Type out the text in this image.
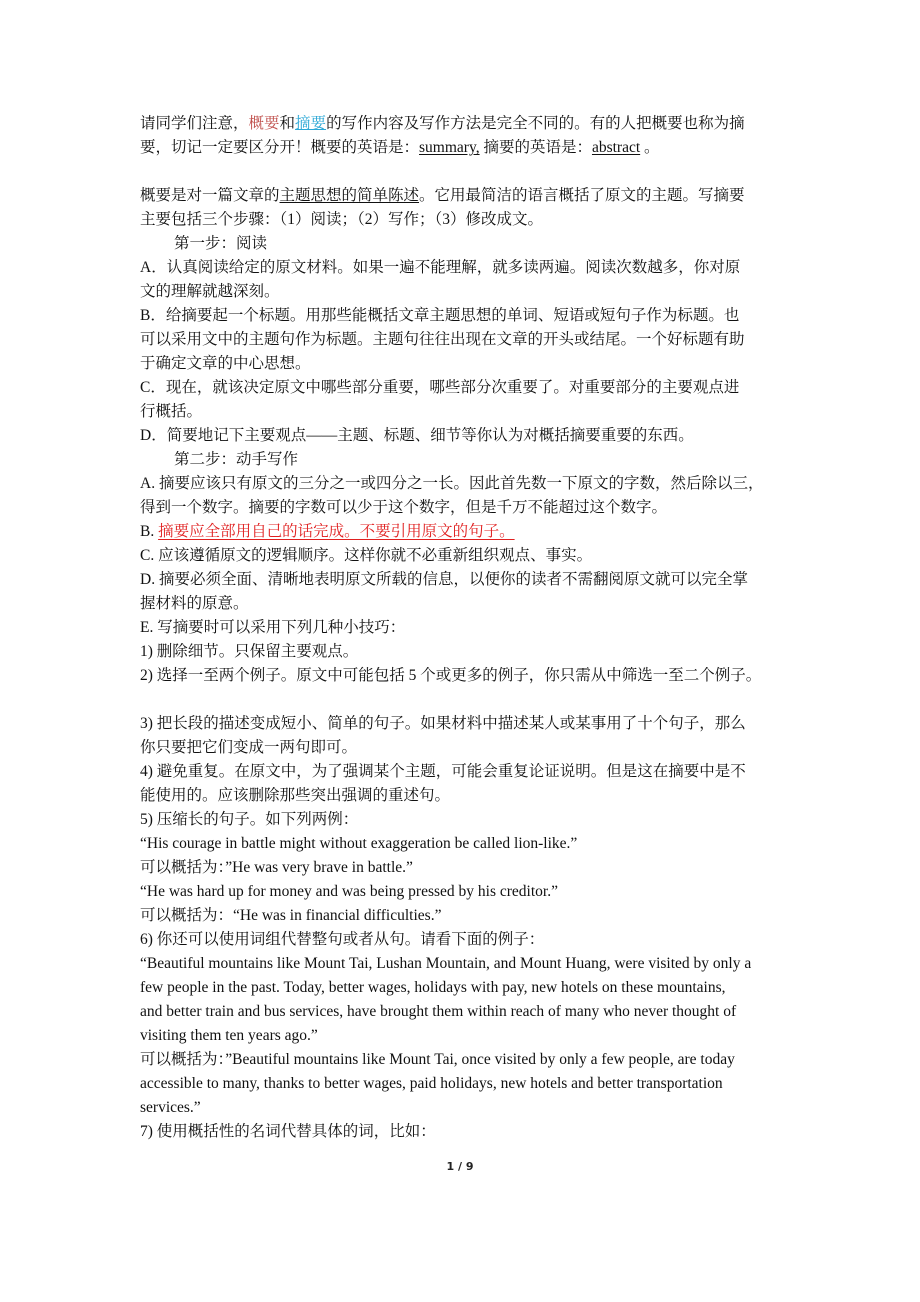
请同学们注意，概要和摘要的写作内容及写作方法是完全不同的。有的人把概要也称为摘
要，切记一定要区分开！概要的英语是：summary, 摘要的英语是：abstract 。
概要是对一篇文章的主题思想的简单陈述。它用最简洁的语言概括了原文的主题。写摘要
主要包括三个步骤：（1）阅读；（2）写作；（3）修改成文。
第一步：阅读
A．认真阅读给定的原文材料。如果一遍不能理解，就多读两遍。阅读次数越多，你对原
文的理解就越深刻。
B．给摘要起一个标题。用那些能概括文章主题思想的单词、短语或短句子作为标题。也
可以采用文中的主题句作为标题。主题句往往出现在文章的开头或结尾。一个好标题有助
于确定文章的中心思想。
C．现在，就该决定原文中哪些部分重要，哪些部分次重要了。对重要部分的主要观点进
行概括。
D．简要地记下主要观点——主题、标题、细节等你认为对概括摘要重要的东西。
第二步：动手写作
A. 摘要应该只有原文的三分之一或四分之一长。因此首先数一下原文的字数，然后除以三，
得到一个数字。摘要的字数可以少于这个数字，但是千万不能超过这个数字。
B. 摘要应全部用自己的话完成。不要引用原文的句子。
C. 应该遵循原文的逻辑顺序。这样你就不必重新组织观点、事实。
D. 摘要必须全面、清晰地表明原文所载的信息，以便你的读者不需翻阅原文就可以完全掌
握材料的原意。
E. 写摘要时可以采用下列几种小技巧：
1) 删除细节。只保留主要观点。
2) 选择一至两个例子。原文中可能包括 5 个或更多的例子，你只需从中筛选一至二个例子。
3) 把长段的描述变成短小、简单的句子。如果材料中描述某人或某事用了十个句子，那么
你只要把它们变成一两句即可。
4) 避免重复。在原文中，为了强调某个主题，可能会重复论证说明。但是这在摘要中是不
能使用的。应该删除那些突出强调的重述句。
5) 压缩长的句子。如下列两例：
“His courage in battle might without exaggeration be called lion-like.”
可以概括为：”He was very brave in battle.”
“He was hard up for money and was being pressed by his creditor.”
可以概括为：“He was in financial difficulties.”
6) 你还可以使用词组代替整句或者从句。请看下面的例子：
“Beautiful mountains like Mount Tai, Lushan Mountain, and Mount Huang, were visited by only a
few people in the past. Today, better wages, holidays with pay, new hotels on these mountains,
and better train and bus services, have brought them within reach of many who never thought of
visiting them ten years ago.”
可以概括为：”Beautiful mountains like Mount Tai, once visited by only a few people, are today
accessible to many, thanks to better wages, paid holidays, new hotels and better transportation
services.”
7) 使用概括性的名词代替具体的词，比如：
1 / 9
